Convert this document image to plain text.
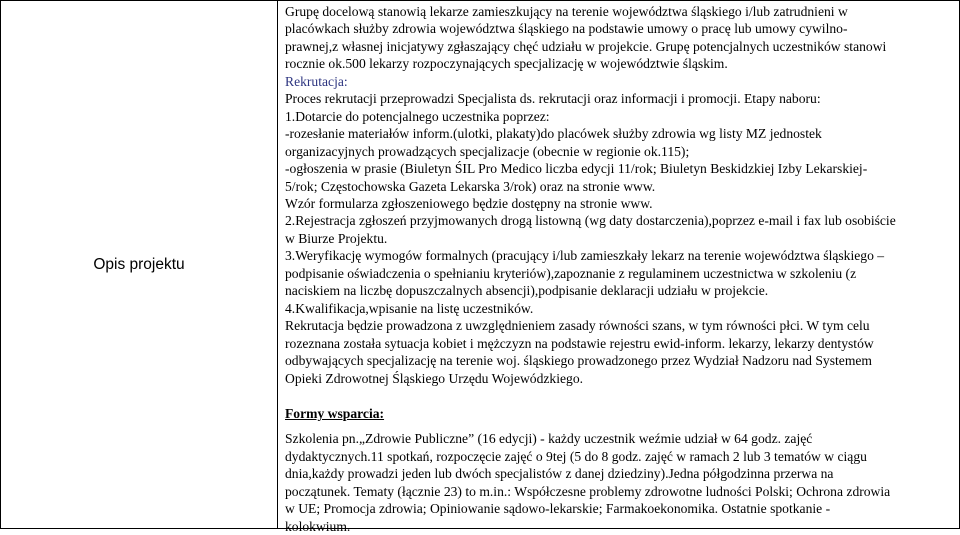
Opis projektu
Grupę docelową stanowią lekarze zamieszkujący na terenie województwa śląskiego i/lub zatrudnieni w
placówkach służby zdrowia województwa śląskiego na podstawie umowy o pracę lub umowy cywilno-
prawnej,z własnej inicjatywy zgłaszający chęć udziału w projekcie. Grupę potencjalnych uczestników stanowi
rocznie ok.500 lekarzy rozpoczynających specjalizację w województwie śląskim.
Rekrutacja:
Proces rekrutacji przeprowadzi Specjalista ds. rekrutacji oraz informacji i promocji. Etapy naboru:
1.Dotarcie do potencjalnego uczestnika poprzez:
-rozesłanie materiałów inform.(ulotki, plakaty)do placówek służby zdrowia wg listy MZ jednostek
organizacyjnych prowadzących specjalizacje (obecnie w regionie ok.115);
-ogłoszenia w prasie (Biuletyn ŚIL Pro Medico liczba edycji 11/rok; Biuletyn Beskidzkiej Izby Lekarskiej-
5/rok; Częstochowska Gazeta Lekarska 3/rok) oraz na stronie www.
Wzór formularza zgłoszeniowego będzie dostępny na stronie www.
2.Rejestracja zgłoszeń przyjmowanych drogą listowną (wg daty dostarczenia),poprzez e-mail i fax lub osobiście
w Biurze Projektu.
3.Weryfikację wymogów formalnych (pracujący i/lub zamieszkały lekarz na terenie województwa śląskiego –
podpisanie oświadczenia o spełnianiu kryteriów),zapoznanie z regulaminem uczestnictwa w szkoleniu (z
naciskiem na liczbę dopuszczalnych absencji),podpisanie deklaracji udziału w projekcie.
4.Kwalifikacja,wpisanie na listę uczestników.
Rekrutacja będzie prowadzona z uwzględnieniem zasady równości szans, w tym równości płci. W tym celu
rozeznana została sytuacja kobiet i mężczyzn na podstawie rejestru ewid-inform. lekarzy, lekarzy dentystów
odbywających specjalizację na terenie woj. śląskiego prowadzonego przez Wydział Nadzoru nad Systemem
Opieki Zdrowotnej Śląskiego Urzędu Wojewódzkiego.
Formy wsparcia:
Szkolenia pn.„Zdrowie Publiczne” (16 edycji) - każdy uczestnik weźmie udział w 64 godz. zajęć
dydaktycznych.11 spotkań, rozpoczęcie zajęć o 9tej (5 do 8 godz. zajęć w ramach 2 lub 3 tematów w ciągu
dnia,każdy prowadzi jeden lub dwóch specjalistów z danej dziedziny).Jedna półgodzinna przerwa na
początunek. Tematy (łącznie 23) to m.in.: Współczesne problemy zdrowotne ludności Polski; Ochrona zdrowia
w UE; Promocja zdrowia; Opiniowanie sądowo-lekarskie; Farmakoekonomika. Ostatnie spotkanie -
kolokwium.
